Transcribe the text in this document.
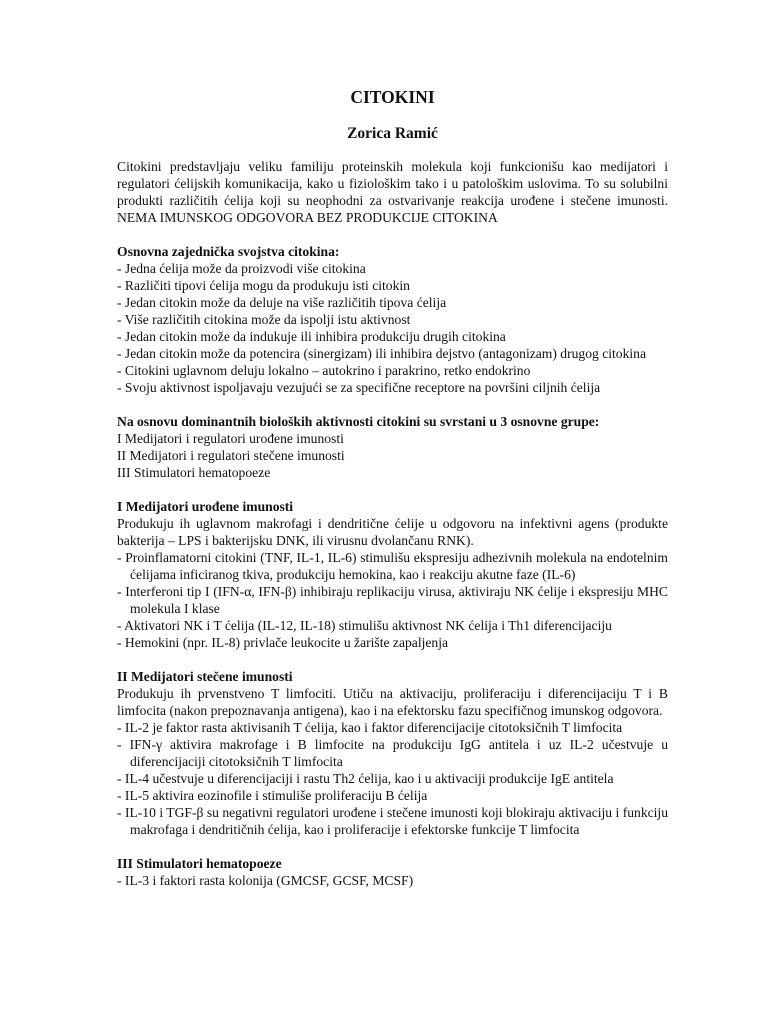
CITOKINI
Zorica Ramić

Citokini predstavljaju veliku familiju proteinskih molekula koji funkcionišu kao medijatori i regulatori ćelijskih komunikacija, kako u fiziološkim tako i u patološkim uslovima. To su solubilni produkti različitih ćelija koji su neophodni za ostvarivanje reakcija urođene i stečene imunosti. NEMA IMUNSKOG ODGOVORA BEZ PRODUKCIJE CITOKINA

Osnovna zajednička svojstva citokina:

- Jedna ćelija može da proizvodi više citokina

- Različiti tipovi ćelija mogu da produkuju isti citokin

- Jedan citokin može da deluje na više različitih tipova ćelija

- Više različitih citokina može da ispolji istu aktivnost

- Jedan citokin može da indukuje ili inhibira produkciju drugih citokina

- Jedan citokin može da potencira (sinergizam) ili inhibira dejstvo (antagonizam) drugog citokina

- Citokini uglavnom deluju lokalno – autokrino i parakrino, retko endokrino

- Svoju aktivnost ispoljavaju vezujući se za specifične receptore na površini ciljnih ćelija

Na osnovu dominantnih bioloških aktivnosti citokini su svrstani u 3 osnovne grupe:

I Medijatori i regulatori urođene imunosti

II Medijatori i regulatori stečene imunosti

III Stimulatori hematopoeze

I Medijatori urođene imunosti

Produkuju ih uglavnom makrofagi i dendritične ćelije u odgovoru na infektivni agens (produkte bakterija – LPS i bakterijsku DNK, ili virusnu dvolančanu RNK).

- Proinflamatorni citokini (TNF, IL-1, IL-6) stimulišu ekspresiju adhezivnih molekula na endotelnim ćelijama inficiranog tkiva, produkciju hemokina, kao i reakciju akutne faze (IL-6)

- Interferoni tip I (IFN-α, IFN-β) inhibiraju replikaciju virusa, aktiviraju NK ćelije i ekspresiju MHC molekula I klase

- Aktivatori NK i T ćelija (IL-12, IL-18) stimulišu aktivnost NK ćelija i Th1 diferencijaciju

- Hemokini (npr. IL-8) privlače leukocite u žarište zapaljenja

II Medijatori stečene imunosti

Produkuju ih prvenstveno T limfociti. Utiču na aktivaciju, proliferaciju i diferencijaciju T i B limfocita (nakon prepoznavanja antigena), kao i na efektorsku fazu specifičnog imunskog odgovora.

- IL-2 je faktor rasta aktivisanih T ćelija, kao i faktor diferencijacije citotoksičnih T limfocita

- IFN-γ aktivira makrofage i B limfocite na produkciju IgG antitela i uz IL-2 učestvuje u diferencijaciji citotoksičnih T limfocita

- IL-4 učestvuje u diferencijaciji i rastu Th2 ćelija, kao i u aktivaciji produkcije IgE antitela

- IL-5 aktivira eozinofile i stimuliše proliferaciju B ćelija

- IL-10 i TGF-β su negativni regulatori urođene i stečene imunosti koji blokiraju aktivaciju i funkciju makrofaga i dendritičnih ćelija, kao i proliferacije i efektorske funkcije T limfocita

III Stimulatori hematopoeze

- IL-3 i faktori rasta kolonija (GMCSF, GCSF, MCSF)
